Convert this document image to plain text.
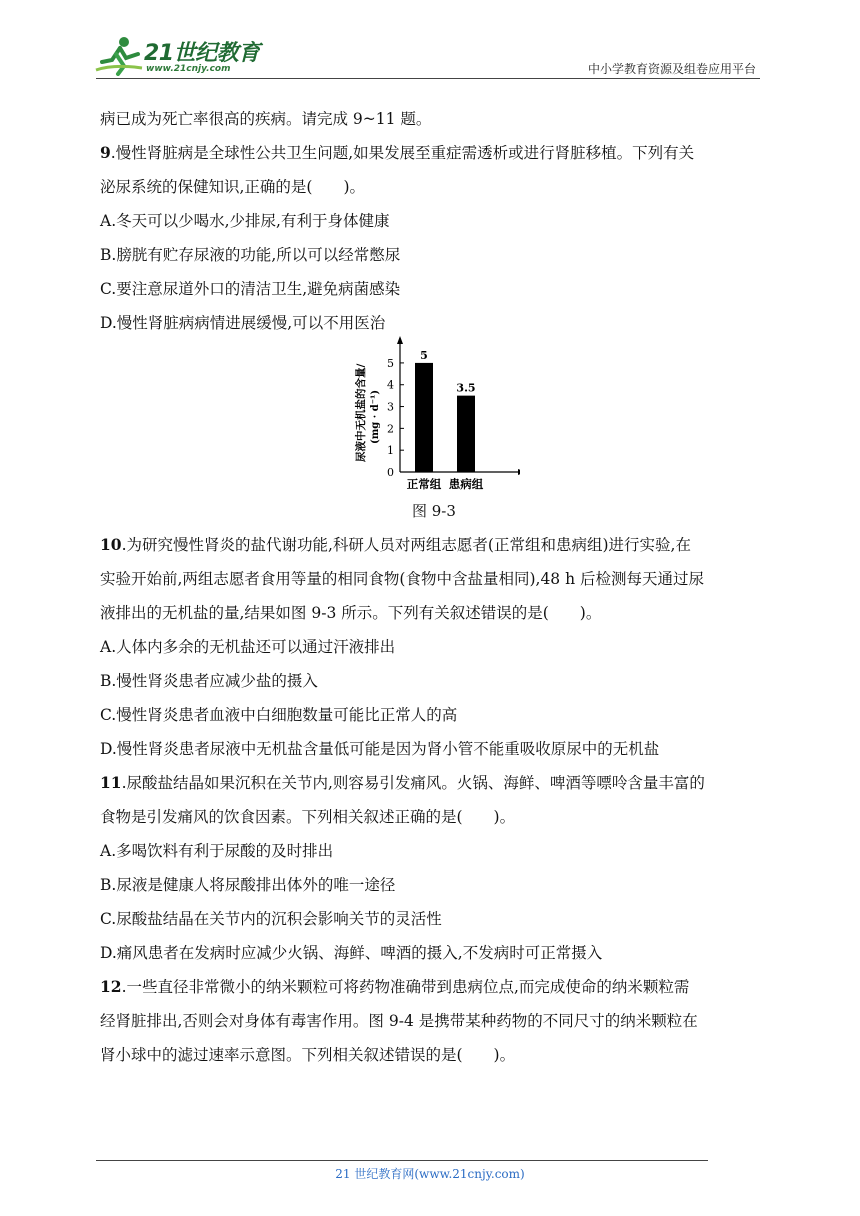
21世纪教育
www.21cnjy.com	中小学教育资源及组卷应用平台

病已成为死亡率很高的疾病。请完成 9~11 题。

9.慢性肾脏病是全球性公共卫生问题,如果发展至重症需透析或进行肾脏移植。下列有关

泌尿系统的保健知识,正确的是(　　)。

A.冬天可以少喝水,少排尿,有利于身体健康

B.膀胱有贮存尿液的功能,所以可以经常憋尿

C.要注意尿道外口的清洁卫生,避免病菌感染

D.慢性肾脏病病情进展缓慢,可以不用医治

尿液中无机盐的含量/ (mg · d⁻¹)
0
1
2
3
4
5
5
正常组
3.5
患病组
图 9-3

10.为研究慢性肾炎的盐代谢功能,科研人员对两组志愿者(正常组和患病组)进行实验,在

实验开始前,两组志愿者食用等量的相同食物(食物中含盐量相同),48 h 后检测每天通过尿

液排出的无机盐的量,结果如图 9-3 所示。下列有关叙述错误的是(　　)。

A.人体内多余的无机盐还可以通过汗液排出

B.慢性肾炎患者应减少盐的摄入

C.慢性肾炎患者血液中白细胞数量可能比正常人的高

D.慢性肾炎患者尿液中无机盐含量低可能是因为肾小管不能重吸收原尿中的无机盐

11.尿酸盐结晶如果沉积在关节内,则容易引发痛风。火锅、海鲜、啤酒等嘌呤含量丰富的

食物是引发痛风的饮食因素。下列相关叙述正确的是(　　)。

A.多喝饮料有利于尿酸的及时排出

B.尿液是健康人将尿酸排出体外的唯一途径

C.尿酸盐结晶在关节内的沉积会影响关节的灵活性

D.痛风患者在发病时应减少火锅、海鲜、啤酒的摄入,不发病时可正常摄入

12.一些直径非常微小的纳米颗粒可将药物准确带到患病位点,而完成使命的纳米颗粒需

经肾脏排出,否则会对身体有毒害作用。图 9-4 是携带某种药物的不同尺寸的纳米颗粒在

肾小球中的滤过速率示意图。下列相关叙述错误的是(　　)。

21 世纪教育网(www.21cnjy.com)
